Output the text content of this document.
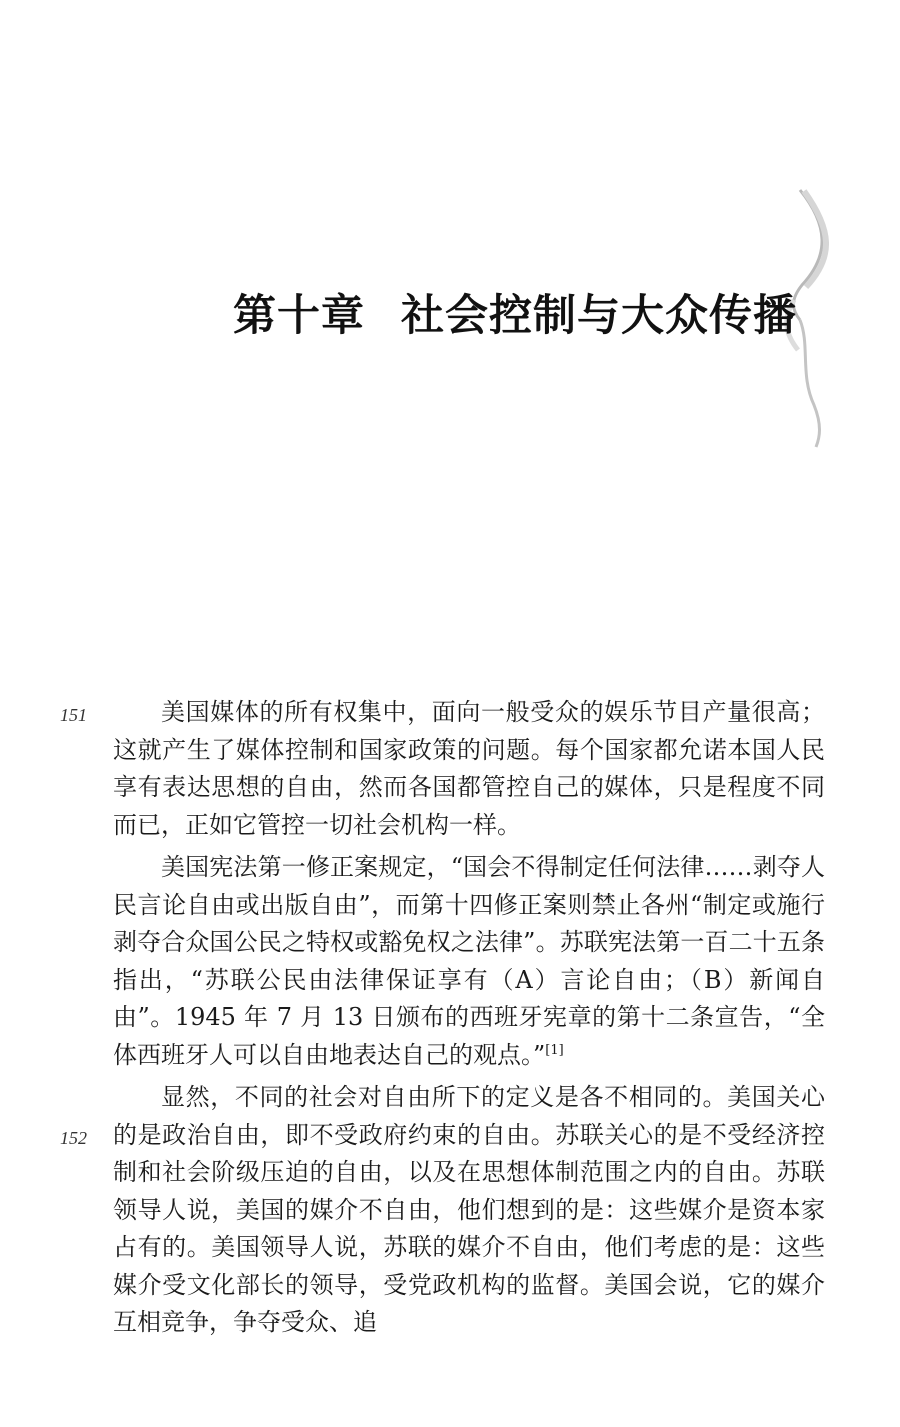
第十章 社会控制与大众传播
151
152

美国媒体的所有权集中，面向一般受众的娱乐节目产量很高；这就产生了媒体控制和国家政策的问题。每个国家都允诺本国人民享有表达思想的自由，然而各国都管控自己的媒体，只是程度不同而已，正如它管控一切社会机构一样。

美国宪法第一修正案规定，“国会不得制定任何法律……剥夺人民言论自由或出版自由”，而第十四修正案则禁止各州“制定或施行剥夺合众国公民之特权或豁免权之法律”。苏联宪法第一百二十五条指出，“苏联公民由法律保证享有（A）言论自由；（B）新闻自由”。1945 年 7 月 13 日颁布的西班牙宪章的第十二条宣告，“全体西班牙人可以自由地表达自己的观点。”[1]

显然，不同的社会对自由所下的定义是各不相同的。美国关心的是政治自由，即不受政府约束的自由。苏联关心的是不受经济控制和社会阶级压迫的自由，以及在思想体制范围之内的自由。苏联领导人说，美国的媒介不自由，他们想到的是：这些媒介是资本家占有的。美国领导人说，苏联的媒介不自由，他们考虑的是：这些媒介受文化部长的领导，受党政机构的监督。美国会说，它的媒介互相竞争，争夺受众、追
